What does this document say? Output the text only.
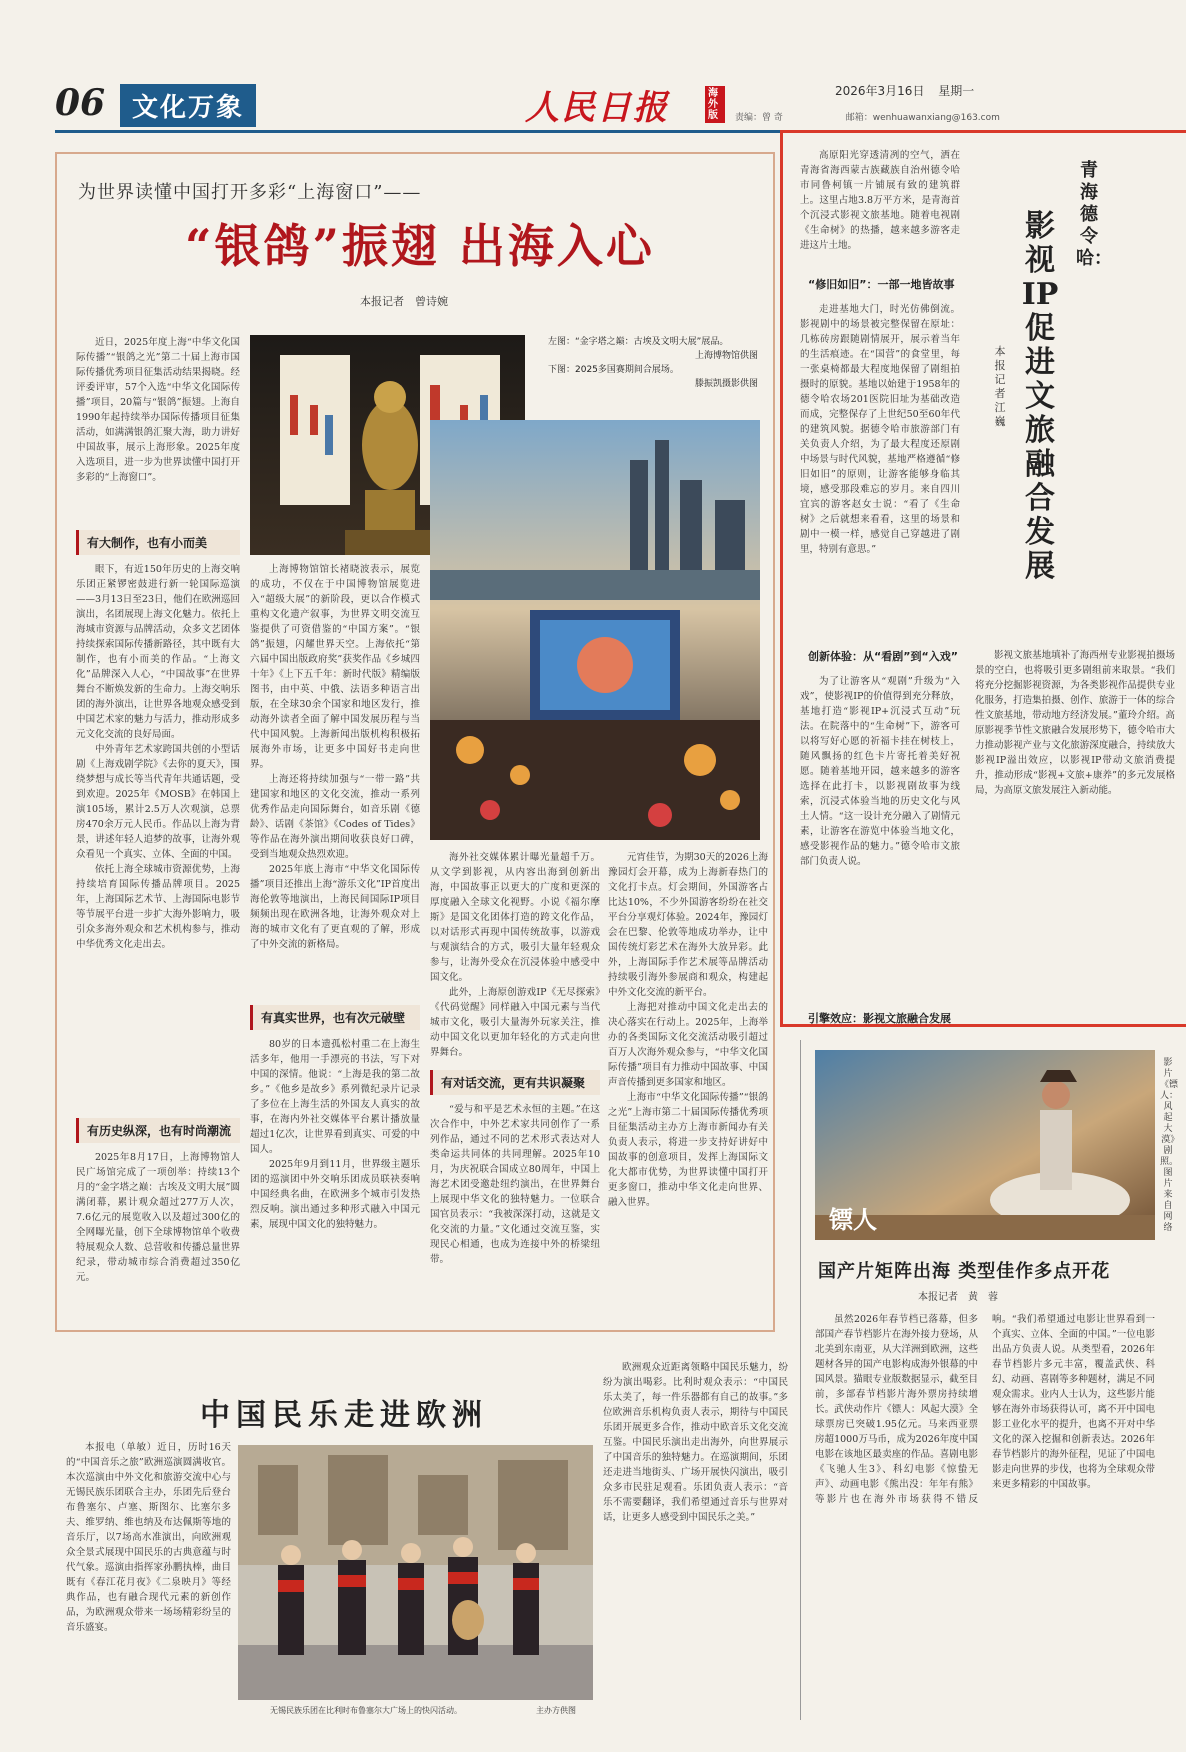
06	文化万象	人民日报	海外版
2026年3月16日 星期一
责编：曾 奇	邮箱：wenhuawanxiang@163.com
为世界读懂中国打开多彩“上海窗口”——
“银鸽”振翅 出海入心
本报记者　曾诗婉

近日，2025年度上海“中华文化国际传播”“银鸽之光”第二十届上海市国际传播优秀项目征集活动结果揭晓。经评委评审，57个入选“中华文化国际传播”项目，20篇与“银鸽”振翅。上海自1990年起持续举办国际传播项目征集活动，如满满银鸽汇聚大海，助力讲好中国故事，展示上海形象。2025年度入选项目，进一步为世界读懂中国打开多彩的“上海窗口”。

有大制作，也有小而美

眼下，有近150年历史的上海交响乐团正紧锣密鼓进行新一轮国际巡演——3月13日至23日，他们在欧洲巡回演出，名团展现上海文化魅力。依托上海城市资源与品牌活动，众多文艺团体持续探索国际传播新路径，其中既有大制作，也有小而美的作品。“上海文化”品牌深入人心，“中国故事”在世界舞台不断焕发新的生命力。上海交响乐团的海外演出，让世界各地观众感受到中国艺术家的魅力与活力，推动形成多元文化交流的良好局面。

中外青年艺术家跨国共创的小型话剧《上海戏剧学院》《去你的夏天》，围绕梦想与成长等当代青年共通话题，受到欢迎。2025年《MOSB》在韩国上演105场，累计2.5万人次观演，总票房470余万元人民币。作品以上海为背景，讲述年轻人追梦的故事，让海外观众看见一个真实、立体、全面的中国。

依托上海全球城市资源优势，上海持续培育国际传播品牌项目。2025年，上海国际艺术节、上海国际电影节等节展平台进一步扩大海外影响力，吸引众多海外观众和艺术机构参与，推动中华优秀文化走出去。

有历史纵深，也有时尚潮流

2025年8月17日，上海博物馆人民广场馆完成了一项创举：持续13个月的“金字塔之巅：古埃及文明大展”圆满闭幕，累计观众超过277万人次，7.6亿元的展览收入以及超过300亿的全网曝光量，创下全球博物馆单个收费特展观众人数、总营收和传播总量世界纪录，带动城市综合消费超过350亿元。

左图：“金字塔之巅：古埃及文明大展”展品。
上海博物馆供图
下图：2025多国赛期间合展场。
滕振凯摄影供图

上海博物馆馆长褚晓波表示，展览的成功，不仅在于中国博物馆展览进入“超级大展”的新阶段，更以合作模式重构文化遗产叙事，为世界文明交流互鉴提供了可资借鉴的“中国方案”。“银鸽”振翅，闪耀世界天空。上海依托“第六届中国出版政府奖”获奖作品《乡城四十年》《上下五千年：新时代版》精编版图书，由中英、中俄、法语多种语言出版，在全球30余个国家和地区发行，推动海外读者全面了解中国发展历程与当代中国风貌。上海新闻出版机构积极拓展海外市场，让更多中国好书走向世界。

上海还将持续加强与“一带一路”共建国家和地区的文化交流，推动一系列优秀作品走向国际舞台，如音乐剧《德龄》、话剧《茶馆》《Codes of Tides》等作品在海外演出期间收获良好口碑，受到当地观众热烈欢迎。

2025年底上海市“中华文化国际传播”项目还推出上海“游乐文化”IP首度出海伦敦等地演出，上海民间国际IP项目频频出现在欧洲各地，让海外观众对上海的城市文化有了更直观的了解，形成了中外交流的新格局。

有真实世界，也有次元破壁

80岁的日本遗孤松村重二在上海生活多年，他用一手漂亮的书法，写下对中国的深情。他说：“上海是我的第二故乡。”《他乡是故乡》系列微纪录片记录了多位在上海生活的外国友人真实的故事，在海内外社交媒体平台累计播放量超过1亿次，让世界看到真实、可爱的中国人。

2025年9月到11月，世界级主题乐团的巡演团中外交响乐团成员联袂奏响中国经典名曲，在欧洲多个城市引发热烈反响。演出通过多种形式融入中国元素，展现中国文化的独特魅力。

海外社交媒体累计曝光量超千万。从文学到影视，从内容出海到创新出海，中国故事正以更大的广度和更深的厚度融入全球文化视野。小说《福尔摩斯》是国文化团体打造的跨文化作品，以对话形式再现中国传统故事，以游戏与观演结合的方式，吸引大量年轻观众参与，让海外受众在沉浸体验中感受中国文化。

此外，上海原创游戏IP《无尽探索》《代码觉醒》同样融入中国元素与当代城市文化，吸引大量海外玩家关注，推动中国文化以更加年轻化的方式走向世界舞台。

有对话交流，更有共识凝聚

“爱与和平是艺术永恒的主题。”在这次合作中，中外艺术家共同创作了一系列作品，通过不同的艺术形式表达对人类命运共同体的共同理解。2025年10月，为庆祝联合国成立80周年，中国上海艺术团受邀赴纽约演出，在世界舞台上展现中华文化的独特魅力。一位联合国官员表示：“我被深深打动，这就是文化交流的力量。”文化通过交流互鉴，实现民心相通，也成为连接中外的桥梁纽带。

元宵佳节，为期30天的2026上海豫园灯会开幕，成为上海新春热门的文化打卡点。灯会期间，外国游客占比达10%，不少外国游客纷纷在社交平台分享观灯体验。2024年，豫园灯会在巴黎、伦敦等地成功举办，让中国传统灯彩艺术在海外大放异彩。此外，上海国际手作艺术展等品牌活动持续吸引海外参展商和观众，构建起中外文化交流的新平台。

上海把对推动中国文化走出去的决心落实在行动上。2025年，上海举办的各类国际文化交流活动吸引超过百万人次海外观众参与，“中华文化国际传播”项目有力推动中国故事、中国声音传播到更多国家和地区。

上海市“中华文化国际传播”“银鸽之光”上海市第二十届国际传播优秀项目征集活动主办方上海市新闻办有关负责人表示，将进一步支持好讲好中国故事的创意项目，发挥上海国际文化大都市优势，为世界读懂中国打开更多窗口，推动中华文化走向世界、融入世界。

青海德令哈：
影视IP促进文旅融合发展
本报记者　江　巍

高原阳光穿透清冽的空气，洒在青海省海西蒙古族藏族自治州德令哈市同鲁柯镇一片铺展有致的建筑群上。这里占地3.8万平方米，是青海首个沉浸式影视文旅基地。随着电视剧《生命树》的热播，越来越多游客走进这片土地。

“修旧如旧”：一部一地皆故事

走进基地大门，时光仿佛倒流。影视剧中的场景被完整保留在原址：几栋砖房跟随剧情展开，展示着当年的生活痕迹。在“国营”的食堂里，每一张桌椅都最大程度地保留了剧组拍摄时的原貌。基地以始建于1958年的德令哈农场201医院旧址为基础改造而成，完整保存了上世纪50至60年代的建筑风貌。据德令哈市旅游部门有关负责人介绍，为了最大程度还原剧中场景与时代风貌，基地严格遵循“修旧如旧”的原则，让游客能够身临其境，感受那段难忘的岁月。来自四川宜宾的游客赵女士说：“看了《生命树》之后就想来看看，这里的场景和剧中一模一样，感觉自己穿越进了剧里，特别有意思。”

创新体验：从“看剧”到“入戏”

为了让游客从“观剧”升级为“入戏”，使影视IP的价值得到充分释放，基地打造“影视IP+沉浸式互动”玩法。在院落中的“生命树”下，游客可以将写好心愿的祈福卡挂在树枝上，随风飘扬的红色卡片寄托着美好祝愿。随着基地开园，越来越多的游客选择在此打卡，以影视剧故事为线索，沉浸式体验当地的历史文化与风土人情。“这一设计充分融入了剧情元素，让游客在游览中体验当地文化，感受影视作品的魅力。”德令哈市文旅部门负责人说。

引擎效应：影视文旅融合发展

影视文旅基地填补了海西州专业影视拍摄场景的空白，也将吸引更多剧组前来取景。“我们将充分挖掘影视资源，为各类影视作品提供专业化服务，打造集拍摄、创作、旅游于一体的综合性文旅基地，带动地方经济发展。”董玲介绍。高原影视季节性文旅融合发展形势下，德令哈市大力推动影视产业与文化旅游深度融合，持续放大影视IP溢出效应，以影视IP带动文旅消费提升，推动形成“影视+文旅+康养”的多元发展格局，为高原文旅发展注入新动能。

镖人
影片《镖人：风起大漠》剧照。图片来自网络
国产片矩阵出海 类型佳作多点开花
本报记者　黄　蓉

虽然2026年春节档已落幕，但多部国产春节档影片在海外接力登场，从北美到东南亚，从大洋洲到欧洲，这些题材各异的国产电影构成海外银幕的中国风景。猫眼专业版数据显示，截至目前，多部春节档影片海外票房持续增长。武侠动作片《镖人：风起大漠》全球票房已突破1.95亿元。马来西亚票房超1000万马币，成为2026年度中国电影在该地区最卖座的作品。喜剧电影《飞驰人生3》、科幻电影《惊蛰无声》、动画电影《熊出没：年年有熊》等影片也在海外市场获得不错反响。“我们希望通过电影让世界看到一个真实、立体、全面的中国。”一位电影出品方负责人说。从类型看，2026年春节档影片多元丰富，覆盖武侠、科幻、动画、喜剧等多种题材，满足不同观众需求。业内人士认为，这些影片能够在海外市场获得认可，离不开中国电影工业化水平的提升，也离不开对中华文化的深入挖掘和创新表达。2026年春节档影片的海外征程，见证了中国电影走向世界的步伐，也将为全球观众带来更多精彩的中国故事。

中国民乐走进欧洲

本报电（单敏）近日，历时16天的“中国音乐之旅”欧洲巡演圆满收官。本次巡演由中外文化和旅游交流中心与无锡民族乐团联合主办，乐团先后登台布鲁塞尔、卢塞、斯图尔、比塞尔多夫、维罗纳、维也纳及布达佩斯等地的音乐厅，以7场高水准演出，向欧洲观众全景式展现中国民乐的古典意蕴与时代气象。巡演由指挥家孙鹏执棒，曲目既有《春江花月夜》《二泉映月》等经典作品，也有融合现代元素的新创作品，为欧洲观众带来一场场精彩纷呈的音乐盛宴。

无锡民族乐团在比利时布鲁塞尔大广场上的快闪活动。	主办方供图

欧洲观众近距离领略中国民乐魅力，纷纷为演出喝彩。比利时观众表示：“中国民乐太美了，每一件乐器都有自己的故事。”多位欧洲音乐机构负责人表示，期待与中国民乐团开展更多合作，推动中欧音乐文化交流互鉴。中国民乐演出走出海外，向世界展示了中国音乐的独特魅力。在巡演期间，乐团还走进当地街头、广场开展快闪演出，吸引众多市民驻足观看。乐团负责人表示：“音乐不需要翻译，我们希望通过音乐与世界对话，让更多人感受到中国民乐之美。”
